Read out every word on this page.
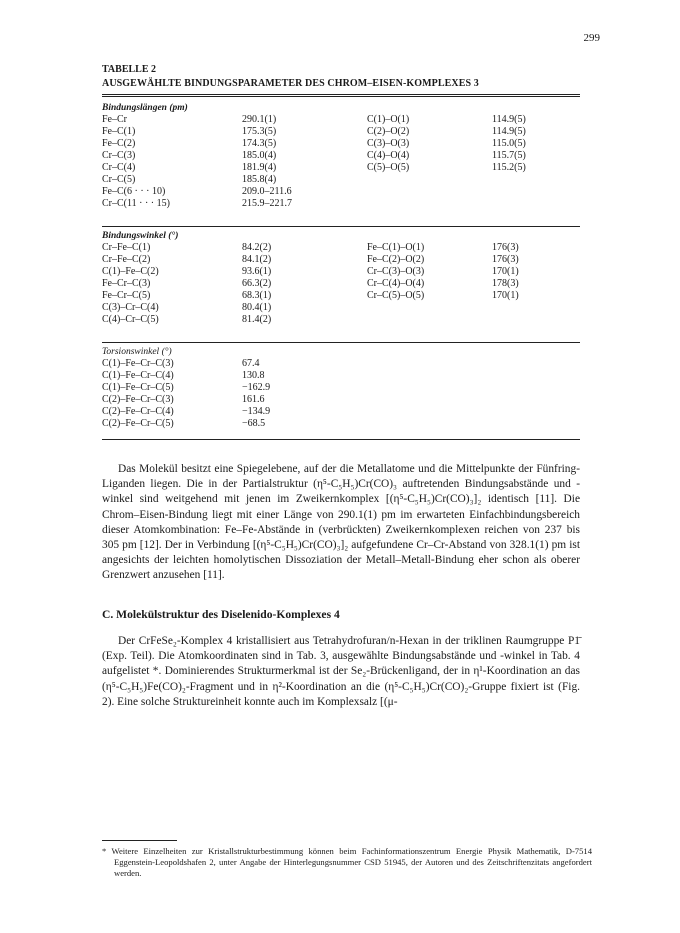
299
TABELLE 2
AUSGEWÄHLTE BINDUNGSPARAMETER DES CHROM–EISEN-KOMPLEXES 3
Bindungslängen (pm)
Fe–Cr	290.1(1)	C(1)–O(1)	114.9(5)
Fe–C(1)	175.3(5)	C(2)–O(2)	114.9(5)
Fe–C(2)	174.3(5)	C(3)–O(3)	115.0(5)
Cr–C(3)	185.0(4)	C(4)–O(4)	115.7(5)
Cr–C(4)	181.9(4)	C(5)–O(5)	115.2(5)
Cr–C(5)	185.8(4)
Fe–C(6 · · · 10)	209.0–211.6
Cr–C(11 · · · 15)	215.9–221.7
Bindungswinkel (°)
Cr–Fe–C(1)	84.2(2)	Fe–C(1)–O(1)	176(3)
Cr–Fe–C(2)	84.1(2)	Fe–C(2)–O(2)	176(3)
C(1)–Fe–C(2)	93.6(1)	Cr–C(3)–O(3)	170(1)
Fe–Cr–C(3)	66.3(2)	Cr–C(4)–O(4)	178(3)
Fe–Cr–C(5)	68.3(1)	Cr–C(5)–O(5)	170(1)
C(3)–Cr–C(4)	80.4(1)
C(4)–Cr–C(5)	81.4(2)
Torsionswinkel (°)
C(1)–Fe–Cr–C(3)	67.4
C(1)–Fe–Cr–C(4)	130.8
C(1)–Fe–Cr–C(5)	−162.9
C(2)–Fe–Cr–C(3)	161.6
C(2)–Fe–Cr–C(4)	−134.9
C(2)–Fe–Cr–C(5)	−68.5

Das Molekül besitzt eine Spiegelebene, auf der die Metallatome und die Mittelpunkte der Fünfring-Liganden liegen. Die in der Partialstruktur (η⁵-C₅H₅)Cr(CO)₃ auftretenden Bindungsabstände und -winkel sind weitgehend mit jenen im Zweikernkomplex [(η⁵-C₅H₅)Cr(CO)₃]₂ identisch [11]. Die Chrom–Eisen-Bindung liegt mit einer Länge von 290.1(1) pm im erwarteten Einfachbindungsbereich dieser Atomkombination: Fe–Fe-Abstände in (verbrückten) Zweikernkomplexen reichen von 237 bis 305 pm [12]. Der in Verbindung [(η⁵-C₅H₅)Cr(CO)₃]₂ aufgefundene Cr–Cr-Abstand von 328.1(1) pm ist angesichts der leichten homolytischen Dissoziation der Metall–Metall-Bindung eher schon als oberer Grenzwert anzusehen [11].

C. Molekülstruktur des Diselenido-Komplexes 4

Der CrFeSe₂-Komplex 4 kristallisiert aus Tetrahydrofuran/n-Hexan in der triklinen Raumgruppe P1̄ (Exp. Teil). Die Atomkoordinaten sind in Tab. 3, ausgewählte Bindungsabstände und -winkel in Tab. 4 aufgelistet *. Dominierendes Strukturmerkmal ist der Se₂-Brückenligand, der in η¹-Koordination an das (η⁵-C₅H₅)Fe(CO)₂-Fragment und in η²-Koordination an die (η⁵-C₅H₅)Cr(CO)₂-Gruppe fixiert ist (Fig. 2). Eine solche Struktureinheit konnte auch im Komplexsalz [(μ-

* Weitere Einzelheiten zur Kristallstrukturbestimmung können beim Fachinformationszentrum Energie Physik Mathematik, D-7514 Eggenstein-Leopoldshafen 2, unter Angabe der Hinterlegungsnummer CSD 51945, der Autoren und des Zeitschriftenzitats angefordert werden.
